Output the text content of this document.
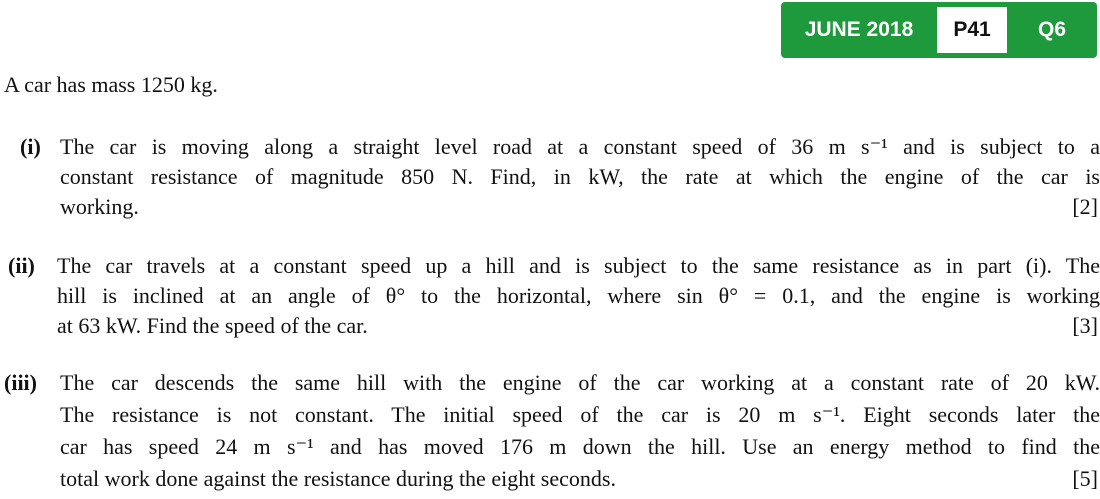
JUNE 2018	P41	Q6
A car has mass 1250 kg.
(i) The car is moving along a straight level road at a constant speed of 36 m s⁻¹ and is subject to a
constant resistance of magnitude 850 N. Find, in kW, the rate at which the engine of the car is
working.	[2]
(ii) The car travels at a constant speed up a hill and is subject to the same resistance as in part (i). The
hill is inclined at an angle of θ° to the horizontal, where sin θ° = 0.1, and the engine is working
at 63 kW. Find the speed of the car.	[3]
(iii) The car descends the same hill with the engine of the car working at a constant rate of 20 kW.
The resistance is not constant. The initial speed of the car is 20 m s⁻¹. Eight seconds later the
car has speed 24 m s⁻¹ and has moved 176 m down the hill. Use an energy method to find the
total work done against the resistance during the eight seconds.	[5]
